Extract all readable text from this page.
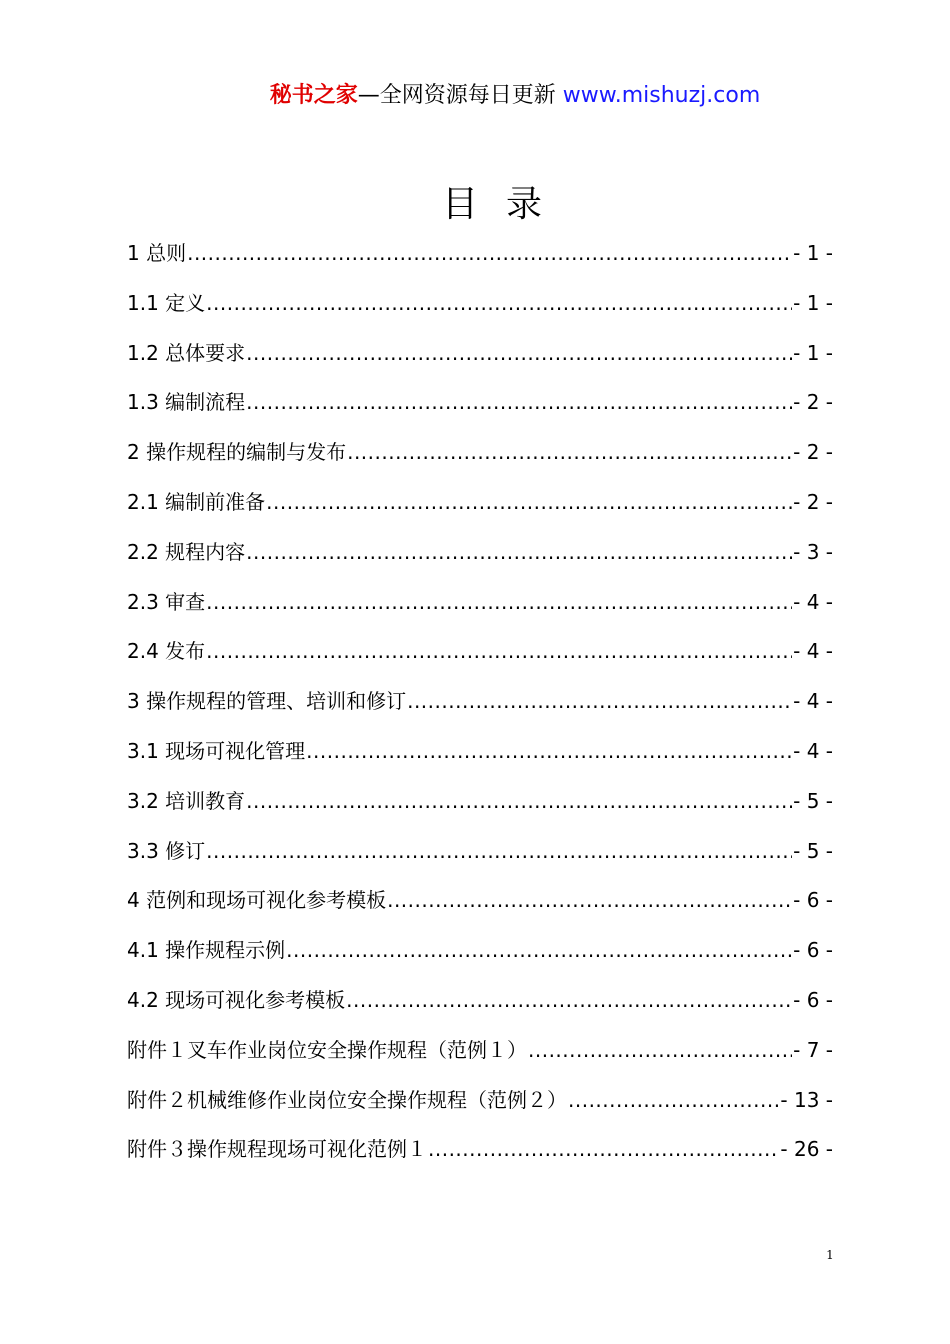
秘书之家—全网资源每日更新 www.mishuzj.com
目录
1 总则 .....	- 1 -
1.1 定义 .....	- 1 -
1.2 总体要求 .....	- 1 -
1.3 编制流程 .....	- 2 -
2 操作规程的编制与发布 .....	- 2 -
2.1 编制前准备 .....	- 2 -
2.2 规程内容 .....	- 3 -
2.3 审查 .....	- 4 -
2.4 发布 .....	- 4 -
3 操作规程的管理、培训和修订 .....	- 4 -
3.1 现场可视化管理 .....	- 4 -
3.2 培训教育 .....	- 5 -
3.3 修订 .....	- 5 -
4 范例和现场可视化参考模板 .....	- 6 -
4.1 操作规程示例 .....	- 6 -
4.2 现场可视化参考模板 .....	- 6 -
附件１叉车作业岗位安全操作规程（范例１） .....	- 7 -
附件２机械维修作业岗位安全操作规程（范例２） .....	- 13 -
附件３操作规程现场可视化范例１ .....	- 26 -
1
